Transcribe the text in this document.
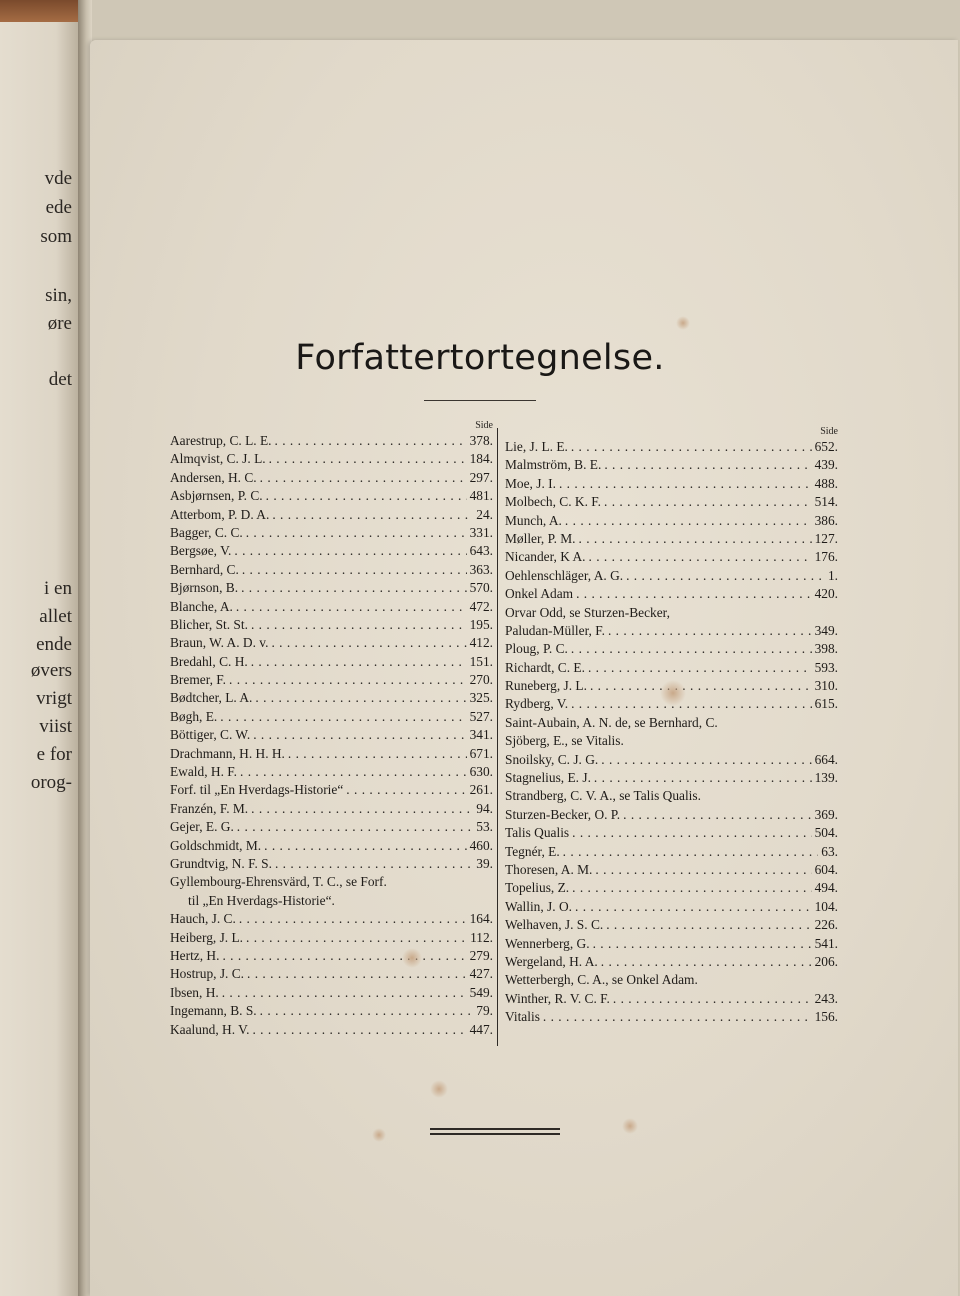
vde
ede
som
sin,
øre
det
i en
allet
ende
øvers
vrigt
viist
e for
orog-
Forfattertortegnelse.
Side
Aarestrup, C. L. E. . . .	378.
Almqvist, C. J. L. . . .	184.
Andersen, H. C. . . .	297.
Asbjørnsen, P. C. . . .	481.
Atterbom, P. D. A. . . .	24.
Bagger, C. C. . . .	331.
Bergsøe, V. . . .	643.
Bernhard, C. . . .	363.
Bjørnson, B. . . .	570.
Blanche, A. . . .	472.
Blicher, St. St. . . .	195.
Braun, W. A. D. v. . . .	412.
Bredahl, C. H. . . .	151.
Bremer, F. . . .	270.
Bødtcher, L. A. . . .	325.
Bøgh, E. . . .	527.
Böttiger, C. W. . . .	341.
Drachmann, H. H. H. . . .	671.
Ewald, H. F. . . .	630.
Forf. til „En Hverdags-Historie“ . . .	261.
Franzén, F. M. . . .	94.
Gejer, E. G. . . .	53.
Goldschmidt, M. . . .	460.
Grundtvig, N. F. S. . . .	39.
Gyllembourg-Ehrensvärd, T. C., se Forf.
til „En Hverdags-Historie“.
Hauch, J. C. . . .	164.
Heiberg, J. L. . . .	112.
Hertz, H. . . .	279.
Hostrup, J. C. . . .	427.
Ibsen, H. . . .	549.
Ingemann, B. S. . . .	79.
Kaalund, H. V. . . .	447.
Side
Lie, J. L. E. . . .	652.
Malmström, B. E. . . .	439.
Moe, J. I. . . .	488.
Molbech, C. K. F. . . .	514.
Munch, A. . . .	386.
Møller, P. M. . . .	127.
Nicander, K A. . . .	176.
Oehlenschläger, A. G. . . .	1.
Onkel Adam . . .	420.
Orvar Odd, se Sturzen-Becker,
Paludan-Müller, F. . . .	349.
Ploug, P. C. . . .	398.
Richardt, C. E. . . .	593.
Runeberg, J. L. . . .	310.
Rydberg, V. . . .	615.
Saint-Aubain, A. N. de, se Bernhard, C.
Sjöberg, E., se Vitalis.
Snoilsky, C. J. G. . . .	664.
Stagnelius, E. J. . . .	139.
Strandberg, C. V. A., se Talis Qualis.
Sturzen-Becker, O. P. . . .	369.
Talis Qualis . . .	504.
Tegnér, E. . . .	63.
Thoresen, A. M. . . .	604.
Topelius, Z. . . .	494.
Wallin, J. O. . . .	104.
Welhaven, J. S. C. . . .	226.
Wennerberg, G. . . .	541.
Wergeland, H. A. . . .	206.
Wetterbergh, C. A., se Onkel Adam.
Winther, R. V. C. F. . . .	243.
Vitalis . . .	156.
